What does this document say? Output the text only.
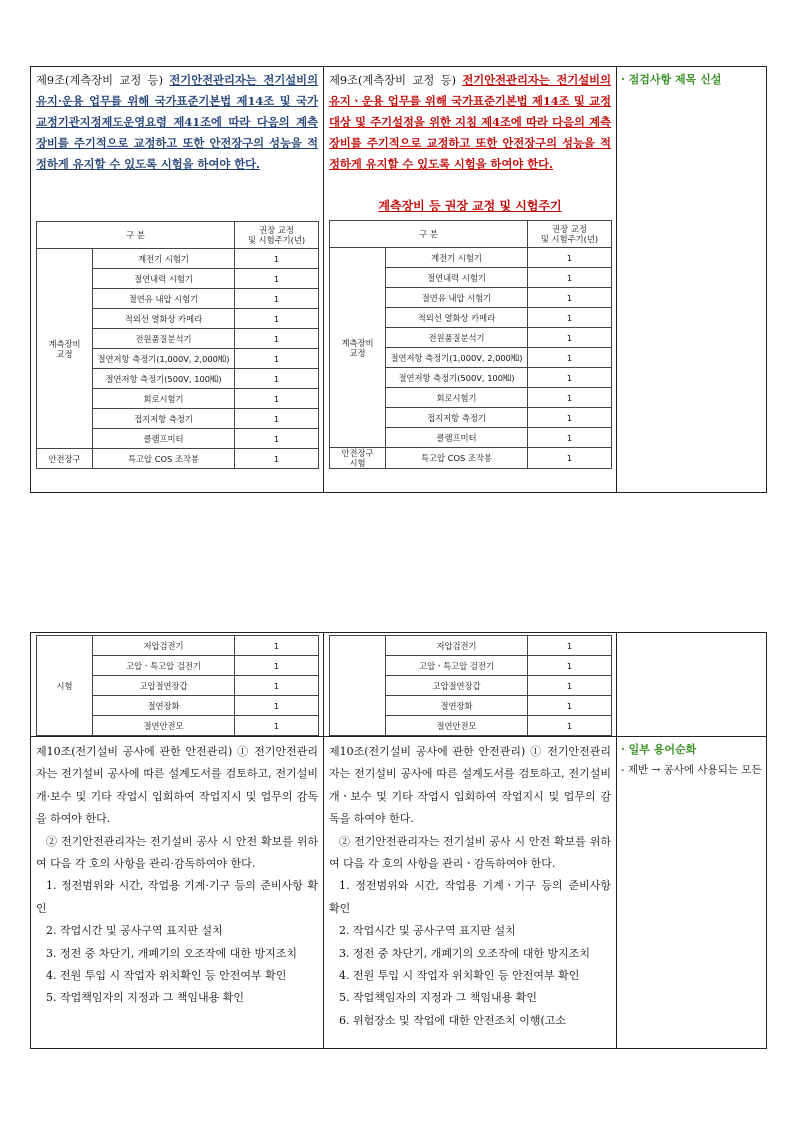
제9조(계측장비 교정 등) 전기안전관리자는 전기설비의 유지·운용 업무를 위해 국가표준기본법 제14조 및 국가교정기관지정제도운영요령 제41조에 따라 다음의 계측장비를 주기적으로 교정하고 또한 안전장구의 성능을 적정하게 유지할 수 있도록 시험을 하여야 한다.
구 분	권장 교정
및 시험주기(년)
계측장비
교정	계전기 시험기	1
절연내력 시험기	1
절연유 내압 시험기	1
적외선 열화상 카메라	1
전원품질분석기	1
절연저항 측정기(1,000V, 2,000㏁)	1
절연저항 측정기(500V, 100㏁)	1
회로시험기	1
접지저항 측정기	1
클램프미터	1
안전장구	특고압 COS 조작봉	1

제9조(계측장비 교정 등) 전기안전관리자는 전기설비의 유지ㆍ운용 업무를 위해 국가표준기본법 제14조 및 교정대상 및 주기설정을 위한 지침 제4조에 따라 다음의 계측장비를 주기적으로 교정하고 또한 안전장구의 성능을 적정하게 유지할 수 있도록 시험을 하여야 한다.
계측장비 등 권장 교정 및 시험주기
구 분	권장 교정
및 시험주기(년)
계측장비
교정	계전기 시험기	1
절연내력 시험기	1
절연유 내압 시험기	1
적외선 열화상 카메라	1
전원품질분석기	1
절연저항 측정기(1,000V, 2,000㏁)	1
절연저항 측정기(500V, 100㏁)	1
회로시험기	1
접지저항 측정기	1
클램프미터	1
안전장구
시험	특고압 COS 조작봉	1

· 점검사항 제목 신설
시험	저압검전기	1
고압ㆍ특고압 검전기	1
고압절연장갑	1
절연장화	1
절연안전모	1

	저압검전기	1
고압ㆍ특고압 검전기	1
고압절연장갑	1
절연장화	1
절연안전모	1

제10조(전기설비 공사에 관한 안전관리) ① 전기안전관리자는 전기설비 공사에 따른 설계도서를 검토하고, 전기설비 개·보수 및 기타 작업시 입회하여 작업지시 및 업무의 감독을 하여야 한다.

② 전기안전관리자는 전기설비 공사 시 안전 확보를 위하여 다음 각 호의 사항을 관리·감독하여야 한다.

1. 정전범위와 시간, 작업용 기계·기구 등의 준비사항 확인

2. 작업시간 및 공사구역 표지판 설치

3. 정전 중 차단기, 개폐기의 오조작에 대한 방지조치

4. 전원 투입 시 작업자 위치확인 등 안전여부 확인

5. 작업책임자의 지정과 그 책임내용 확인

제10조(전기설비 공사에 관한 안전관리) ① 전기안전관리자는 전기설비 공사에 따른 설계도서를 검토하고, 전기설비 개ㆍ보수 및 기타 작업시 입회하여 작업지시 및 업무의 감독을 하여야 한다.

② 전기안전관리자는 전기설비 공사 시 안전 확보를 위하여 다음 각 호의 사항을 관리ㆍ감독하여야 한다.

1. 정전범위와 시간, 작업용 기계ㆍ기구 등의 준비사항 확인

2. 작업시간 및 공사구역 표지판 설치

3. 정전 중 차단기, 개폐기의 오조작에 대한 방지조치

4. 전원 투입 시 작업자 위치확인 등 안전여부 확인

5. 작업책임자의 지정과 그 책임내용 확인

6. 위험장소 및 작업에 대한 안전조치 이행(고소

· 일부 용어순화
- 제반 → 공사에 사용되는 모든
